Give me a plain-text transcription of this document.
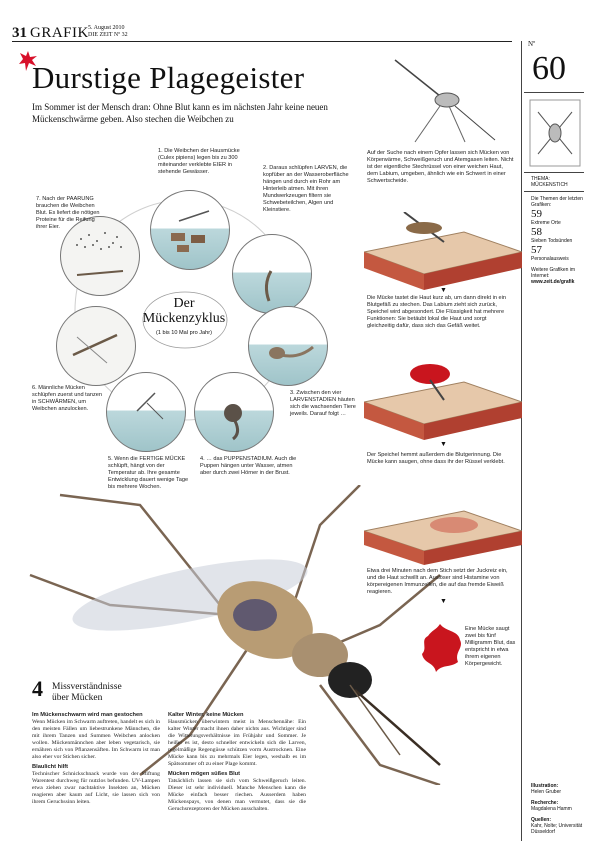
31 GRAFIK 5. August 2010
DIE ZEIT Nº 32
Durstige Plagegeister
Im Sommer ist der Mensch dran: Ohne Blut kann es im nächsten Jahr keine neuen Mückenschwärme geben. Also stechen die Weibchen zu
1. Die Weibchen der Hausmücke (Culex pipiens) legen bis zu 300 miteinander verklebte EIER in stehende Gewässer.
2. Daraus schlüpfen LARVEN, die kopfüber an der Wasseroberfläche hängen und durch ein Rohr am Hinterleib atmen. Mit ihren Mundwerkzeugen filtern sie Schwebeteilchen, Algen und Kleinstiere.
3. Zwischen den vier LARVENSTADIEN häuten sich die wachsenden Tiere jeweils. Darauf folgt …
4. … das PUPPENSTADIUM. Auch die Puppen hängen unter Wasser, atmen aber durch zwei Hörner in der Brust.
5. Wenn die FERTIGE MÜCKE schlüpft, hängt von der Temperatur ab. Ihre gesamte Entwicklung dauert wenige Tage bis mehrere Wochen.
6. Männliche Mücken schlüpfen zuerst und tanzen in SCHWÄRMEN, um Weibchen anzulocken.
7. Nach der PAARUNG brauchen die Weibchen Blut. Es liefert die nötigen Proteine für die Reifung ihrer Eier.
Der
Mückenzyklus
(1 bis 10 Mal pro Jahr)
Auf der Suche nach einem Opfer lassen sich Mücken von Körperwärme, Schweißgeruch und Atemgasen leiten. Nicht ist der eigentliche Stechrüssel von einer weichen Haut, dem Labium, umgeben, ähnlich wie ein Schwert in einer Schwertscheide.
▼
Die Mücke tastet die Haut kurz ab, um dann direkt in ein Blutgefäß zu stechen. Das Labium zieht sich zurück, Speichel wird abgesondert. Die Flüssigkeit hat mehrere Funktionen: Sie betäubt lokal die Haut und sorgt gleichzeitig dafür, dass sich das Gefäß weitet.
▼
Der Speichel hemmt außerdem die Blutgerinnung. Die Mücke kann saugen, ohne dass ihr der Rüssel verklebt.
Etwa drei Minuten nach dem Stich setzt der Juckreiz ein, und die Haut schwillt an. Auslöser sind Histamine von körpereigenen Immunzellen, die auf das fremde Eiweiß reagieren.
▼
Eine Mücke saugt zwei bis fünf Milligramm Blut, das entspricht in etwa ihrem eigenen Körpergewicht.
Nº
60
THEMA:
MÜCKENSTICH
Die Themen der letzten Grafiken:
59
Extreme Orte
58
Sieben Todsünden
57
Personalausweis
Weitere Grafiken im Internet:
www.zeit.de/grafik
Illustration:
Helen Gruber
Recherche:
Magdalena Hamm
Quellen:
Kahr, Nolte; Universität Düsseldorf
4 Missverständnisse
über Mücken
Im Mückenschwarm wird man gestochen
Wenn Mücken im Schwarm auftreten, handelt es sich in den meisten Fällen um liebestrunkene Männchen, die mit ihrem Tanzen und Summen Weibchen anlocken wollen. Mückenmännchen aber leben vegetarisch, sie ernähren sich von Pflanzensäften. Im Schwarm ist man also eher vor Stichen sicher.
Blaulicht hilft
Technischer Schnickschnack wurde von der Stiftung Warentest durchweg für nutzlos befunden. UV-Lampen etwa ziehen zwar nachtaktive Insekten an, Mücken reagieren aber kaum auf Licht, sie lassen sich von ihrem Geruchssinn leiten.
Kalter Winter, keine Mücken
Hausmücken überwintern meist in Menschennähe: Ein kalter Winter macht ihnen daher nichts aus. Wichtiger sind die Witterungsverhältnisse im Frühjahr und Sommer. Je heißer es ist, desto schneller entwickeln sich die Larven, regelmäßige Regengüsse schützen vorm Austrocknen. Eine Mücke kann bis zu mehrmals Eier legen, weshalb es im Spätsommer oft zu einer Plage kommt.
Mücken mögen süßes Blut
Tatsächlich lassen sie sich vom Schweißgeruch leiten. Dieser ist sehr individuell. Manche Menschen kann die Mücke einfach besser riechen. Ausserdem haben Mückenspays, von denen man vermutet, dass sie die Geruchsrezeptoren der Mücken ausschalten.
